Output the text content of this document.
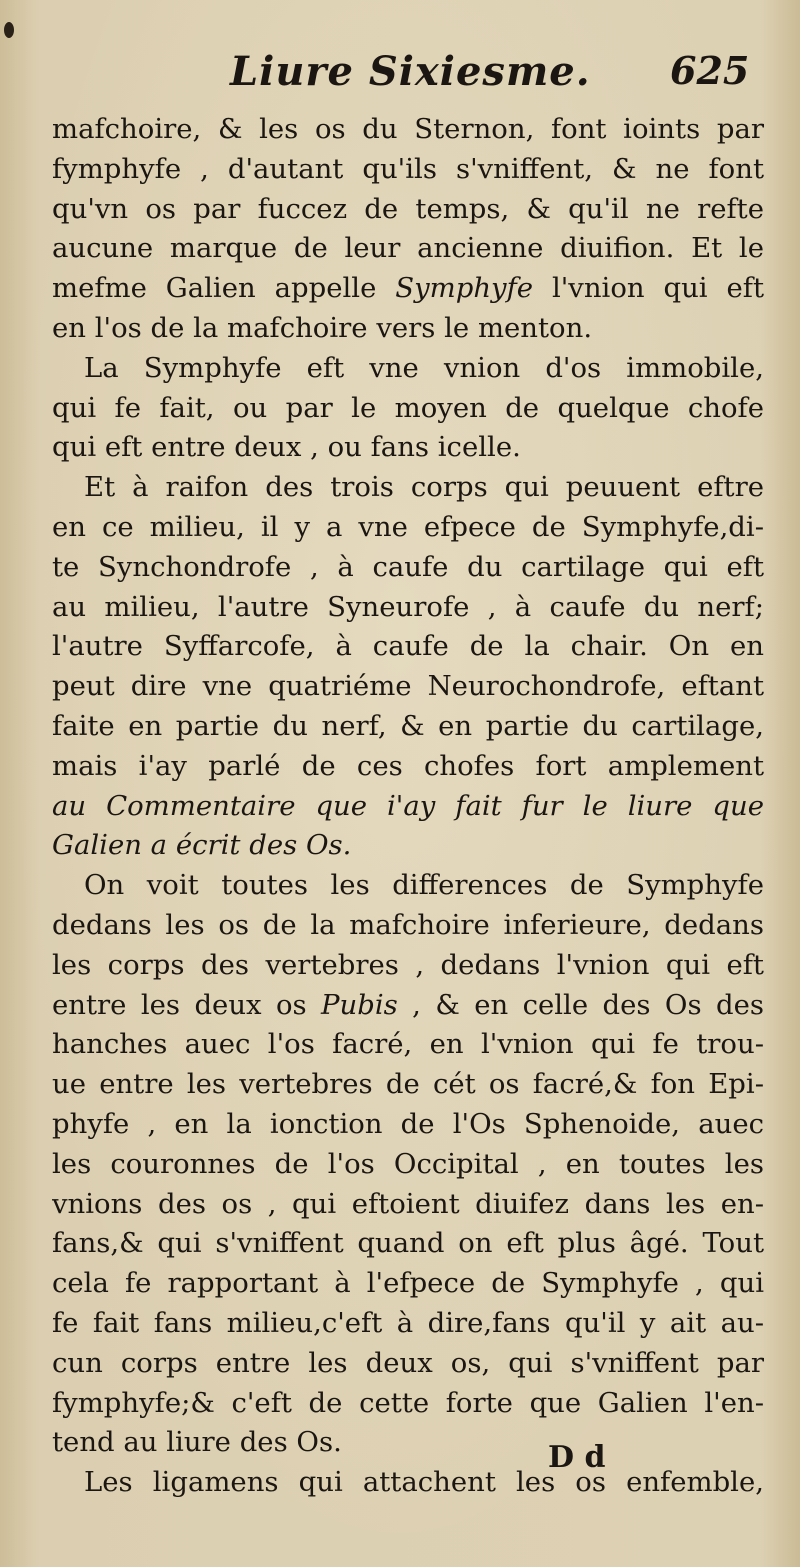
Liure Sixiesme. 625
mafchoire, & les os du Sternon, font ioints par
fymphyfe , d'autant qu'ils s'vniffent, & ne font
qu'vn os par fuccez de temps, & qu'il ne refte
aucune marque de leur ancienne diuifion. Et le
mefme Galien appelle Symphyfe l'vnion qui eft
en l'os de la mafchoire vers le menton.
La Symphyfe eft vne vnion d'os immobile,
qui fe fait, ou par le moyen de quelque chofe
qui eft entre deux , ou fans icelle.
Et à raifon des trois corps qui peuuent eftre
en ce milieu, il y a vne efpece de Symphyfe,di-
te Synchondrofe , à caufe du cartilage qui eft
au milieu, l'autre Syneurofe , à caufe du nerf;
l'autre Syffarcofe, à caufe de la chair. On en
peut dire vne quatriéme Neurochondrofe, eftant
faite en partie du nerf, & en partie du cartilage,
mais i'ay parlé de ces chofes fort amplement
au Commentaire que i'ay fait fur le liure que
Galien a écrit des Os.
On voit toutes les differences de Symphyfe
dedans les os de la mafchoire inferieure, dedans
les corps des vertebres , dedans l'vnion qui eft
entre les deux os Pubis , & en celle des Os des
hanches auec l'os facré, en l'vnion qui fe trou-
ue entre les vertebres de cét os facré,& fon Epi-
phyfe , en la ionction de l'Os Sphenoide, auec
les couronnes de l'os Occipital , en toutes les
vnions des os , qui eftoient diuifez dans les en-
fans,& qui s'vniffent quand on eft plus âgé. Tout
cela fe rapportant à l'efpece de Symphyfe , qui
fe fait fans milieu,c'eft à dire,fans qu'il y ait au-
cun corps entre les deux os, qui s'vniffent par
fymphyfe;& c'eft de cette forte que Galien l'en-
tend au liure des Os.
Les ligamens qui attachent les os enfemble,
D d
